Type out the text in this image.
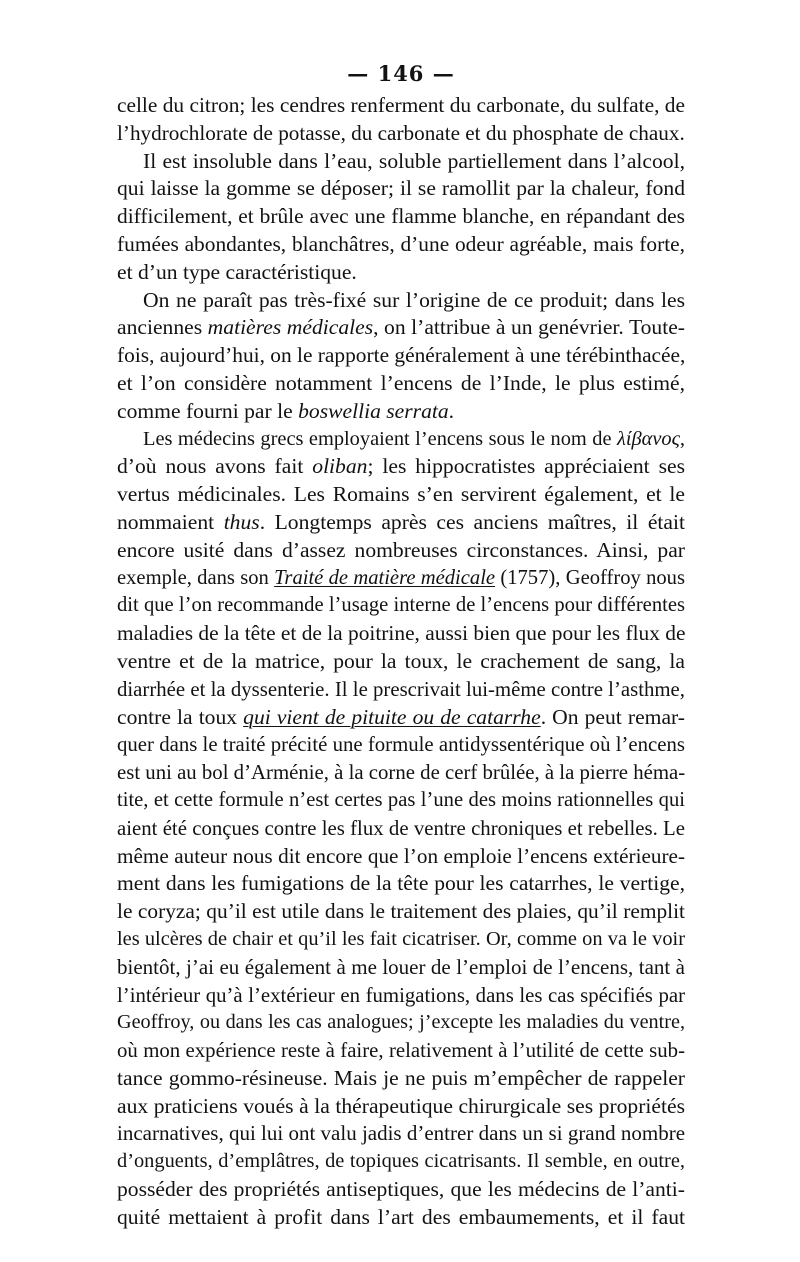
— 146 —
celle du citron; les cendres renferment du carbonate, du sulfate, de
l’hydrochlorate de potasse, du carbonate et du phosphate de chaux.
Il est insoluble dans l’eau, soluble partiellement dans l’alcool,
qui laisse la gomme se déposer; il se ramollit par la chaleur, fond
difficilement, et brûle avec une flamme blanche, en répandant des
fumées abondantes, blanchâtres, d’une odeur agréable, mais forte,
et d’un type caractéristique.
On ne paraît pas très-fixé sur l’origine de ce produit; dans les
anciennes matières médicales, on l’attribue à un genévrier. Toute-
fois, aujourd’hui, on le rapporte généralement à une térébinthacée,
et l’on considère notamment l’encens de l’Inde, le plus estimé,
comme fourni par le boswellia serrata.
Les médecins grecs employaient l’encens sous le nom de λίβανος,
d’où nous avons fait oliban; les hippocratistes appréciaient ses
vertus médicinales. Les Romains s’en servirent également, et le
nommaient thus. Longtemps après ces anciens maîtres, il était
encore usité dans d’assez nombreuses circonstances. Ainsi, par
exemple, dans son Traité de matière médicale (1757), Geoffroy nous
dit que l’on recommande l’usage interne de l’encens pour différentes
maladies de la tête et de la poitrine, aussi bien que pour les flux de
ventre et de la matrice, pour la toux, le crachement de sang, la
diarrhée et la dyssenterie. Il le prescrivait lui-même contre l’asthme,
contre la toux qui vient de pituite ou de catarrhe. On peut remar-
quer dans le traité précité une formule antidyssentérique où l’encens
est uni au bol d’Arménie, à la corne de cerf brûlée, à la pierre héma-
tite, et cette formule n’est certes pas l’une des moins rationnelles qui
aient été conçues contre les flux de ventre chroniques et rebelles. Le
même auteur nous dit encore que l’on emploie l’encens extérieure-
ment dans les fumigations de la tête pour les catarrhes, le vertige,
le coryza; qu’il est utile dans le traitement des plaies, qu’il remplit
les ulcères de chair et qu’il les fait cicatriser. Or, comme on va le voir
bientôt, j’ai eu également à me louer de l’emploi de l’encens, tant à
l’intérieur qu’à l’extérieur en fumigations, dans les cas spécifiés par
Geoffroy, ou dans les cas analogues; j’excepte les maladies du ventre,
où mon expérience reste à faire, relativement à l’utilité de cette sub-
tance gommo-résineuse. Mais je ne puis m’empêcher de rappeler
aux praticiens voués à la thérapeutique chirurgicale ses propriétés
incarnatives, qui lui ont valu jadis d’entrer dans un si grand nombre
d’onguents, d’emplâtres, de topiques cicatrisants. Il semble, en outre,
posséder des propriétés antiseptiques, que les médecins de l’anti-
quité mettaient à profit dans l’art des embaumements, et il faut
